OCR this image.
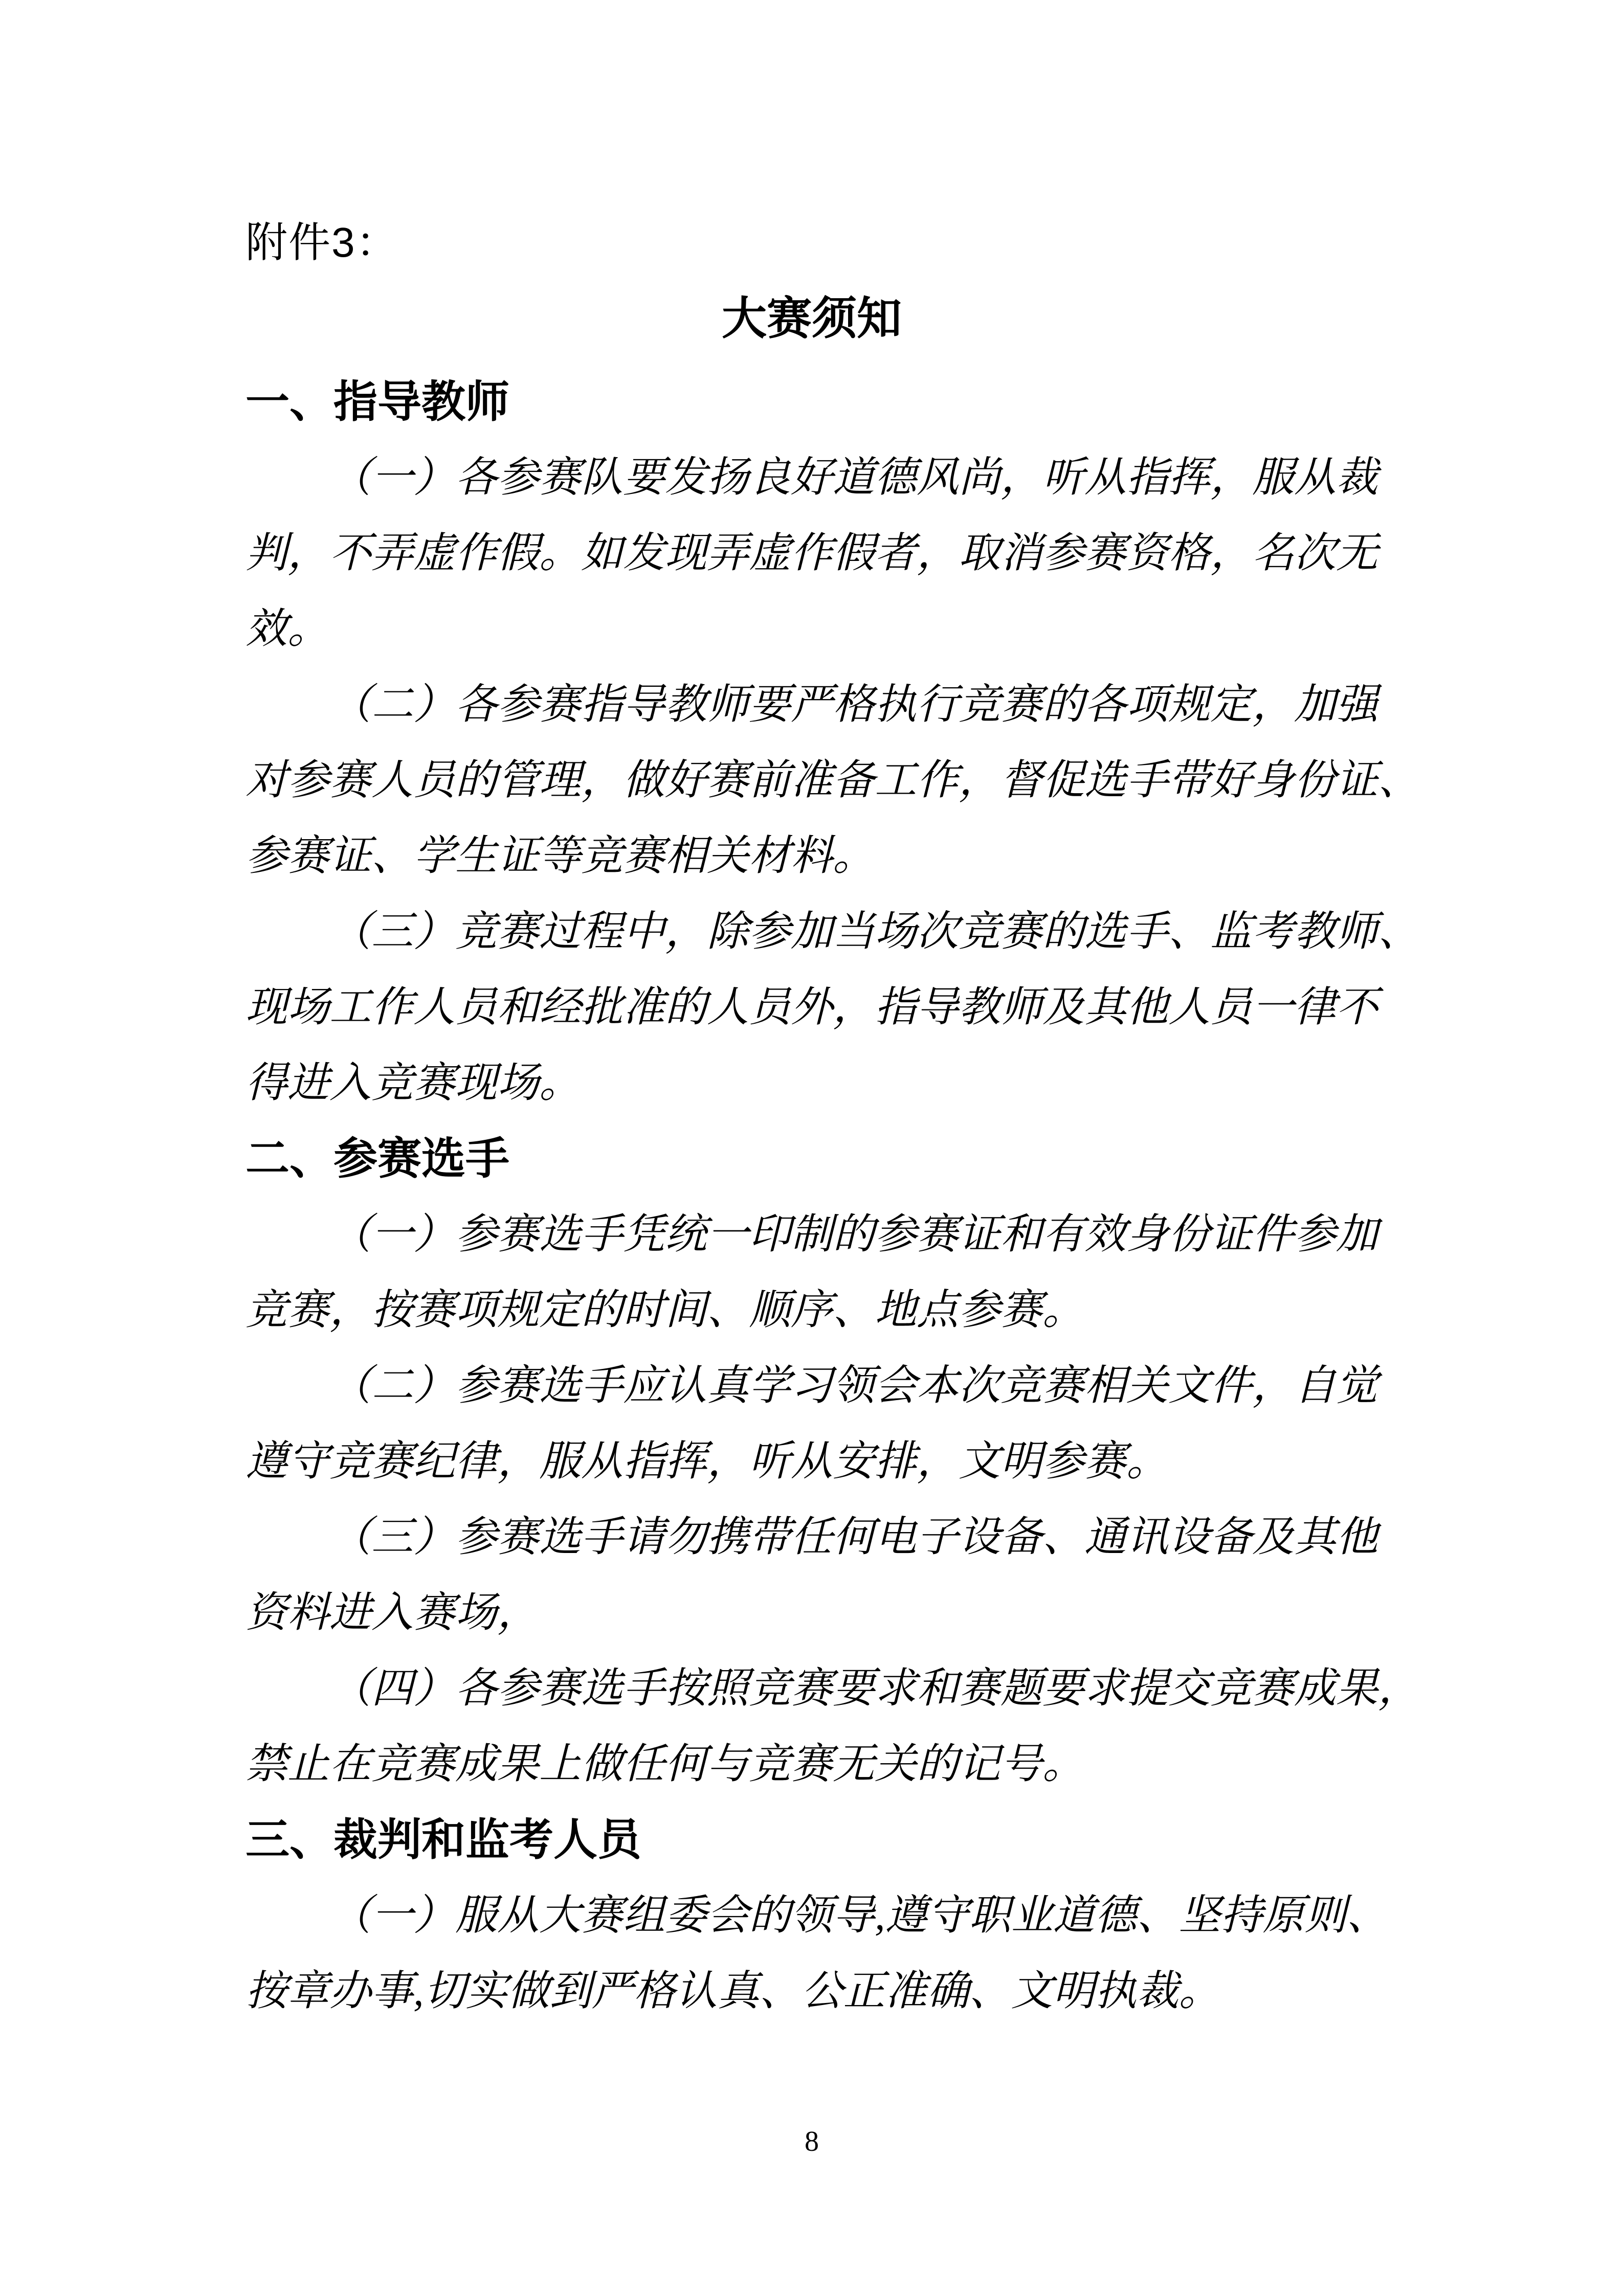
附件3：
大赛须知
一、指导教师
（一）各参赛队要发扬良好道德风尚，听从指挥，服从裁
判，不弄虚作假。如发现弄虚作假者，取消参赛资格，名次无
效。
（二）各参赛指导教师要严格执行竞赛的各项规定，加强
对参赛人员的管理，做好赛前准备工作，督促选手带好身份证、
参赛证、学生证等竞赛相关材料。
（三）竞赛过程中，除参加当场次竞赛的选手、监考教师、
现场工作人员和经批准的人员外，指导教师及其他人员一律不
得进入竞赛现场。
二、参赛选手
（一）参赛选手凭统一印制的参赛证和有效身份证件参加
竞赛，按赛项规定的时间、顺序、地点参赛。
（二）参赛选手应认真学习领会本次竞赛相关文件，自觉
遵守竞赛纪律，服从指挥，听从安排，文明参赛。
（三）参赛选手请勿携带任何电子设备、通讯设备及其他
资料进入赛场，
（四）各参赛选手按照竞赛要求和赛题要求提交竞赛成果，
禁止在竞赛成果上做任何与竞赛无关的记号。
三、裁判和监考人员
（一）服从大赛组委会的领导,遵守职业道德、坚持原则、
按章办事,切实做到严格认真、公正准确、文明执裁。
8
